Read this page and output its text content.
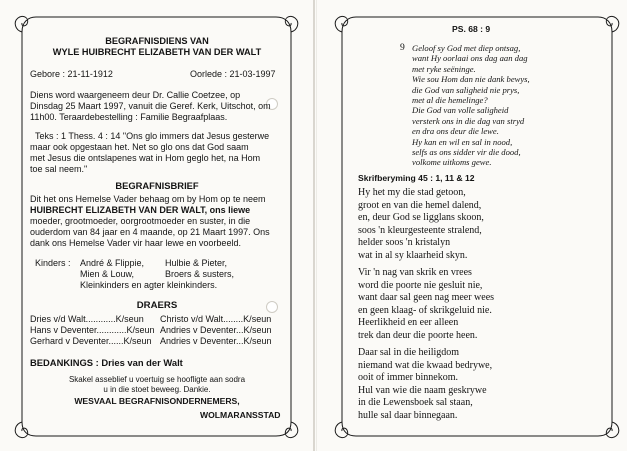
BEGRAFNISDIENS VAN
WYLE HUIBRECHT ELIZABETH VAN DER WALT
Gebore : 21-11-1912	Oorlede : 21-03-1997
Diens word waargeneem deur Dr. Callie Coetzee, op
Dinsdag 25 Maart 1997, vanuit die Geref. Kerk, Uitschot, om
11h00. Teraardebestelling : Familie Begraafplaas.
Teks : 1 Thess. 4 : 14 "Ons glo immers dat Jesus gesterwe
maar ook opgestaan het. Net so glo ons dat God saam
met Jesus die ontslapenes wat in Hom geglo het, na Hom
toe sal neem."
BEGRAFNISBRIEF
Dit het ons Hemelse Vader behaag om by Hom op te neem
HUIBRECHT ELIZABETH VAN DER WALT, ons liewe
moeder, grootmoeder, oorgrootmoeder en suster, in die
ouderdom van 84 jaar en 4 maande, op 21 Maart 1997. Ons
dank ons Hemelse Vader vir haar lewe en voorbeeld.
Kinders : André & Flippie, Hulbie & Pieter,
Mien & Louw,	Broers & susters,
Kleinkinders en agter kleinkinders.
DRAERS
Dries v/d Walt............K/seun Christo v/d Walt........K/seun
Hans v Deventer............K/seun Andries v Deventer...K/seun
Gerhard v Deventer......K/seun Andries v Deventer...K/seun
BEDANKINGS : Dries van der Walt
Skakel asseblief u voertuig se hoofligte aan sodra
u in die stoet beweeg. Dankie.
WESVAAL BEGRAFNISONDERNEMERS,
WOLMARANSSTAD
PS. 68 : 9
9 Geloof sy God met diep ontsag,
want Hy oorlaai ons dag aan dag
met ryke seëninge.
Wie sou Hom dan nie dank bewys,
die God van saligheid nie prys,
met al die hemelinge?
Die God van volle saligheid
versterk ons in die dag van stryd
en dra ons deur die lewe.
Hy kan en wil en sal in nood,
selfs as ons sidder vir die dood,
volkome uitkoms gewe.
Skrifberyming 45 : 1, 11 & 12
Hy het my die stad getoon,
groot en van die hemel dalend,
en, deur God se ligglans skoon,
soos 'n kleurgesteente stralend,
helder soos 'n kristalyn
wat in al sy klaarheid skyn.
Vir 'n nag van skrik en vrees
word die poorte nie gesluit nie,
want daar sal geen nag meer wees
en geen klaag- of skrikgeluid nie.
Heerlikheid en eer alleen
trek dan deur die poorte heen.
Daar sal in die heiligdom
niemand wat die kwaad bedrywe,
ooit of immer binnekom.
Hul van wie die naam geskrywe
in die Lewensboek sal staan,
hulle sal daar binnegaan.
